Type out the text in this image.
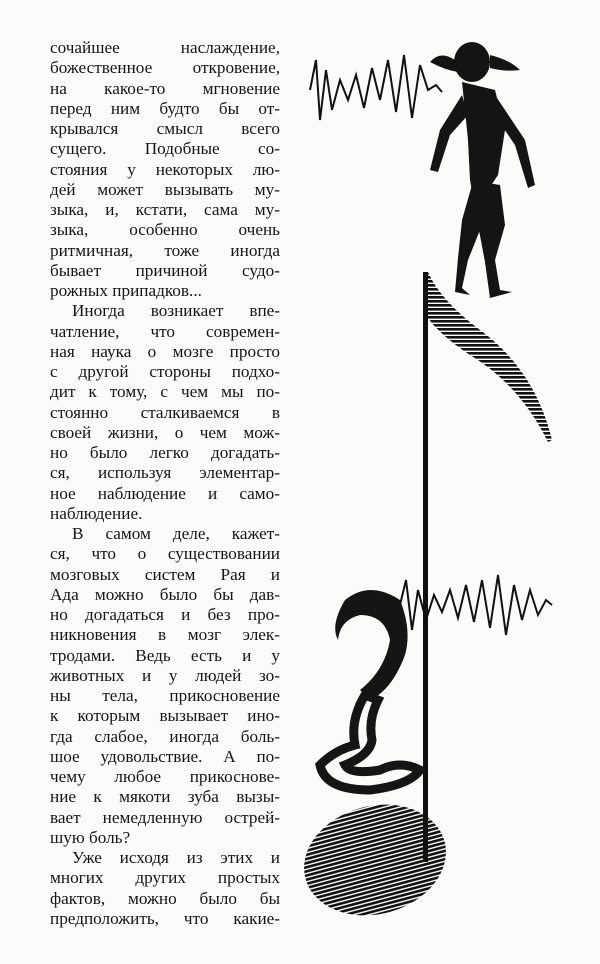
сочайшее наслаждение,
божественное откровение,
на какое-то мгновение
перед ним будто бы от-
крывался смысл всего
сущего. Подобные со-
стояния у некоторых лю-
дей может вызывать му-
зыка, и, кстати, сама му-
зыка, особенно очень
ритмичная, тоже иногда
бывает причиной судо-
рожных припадков...
Иногда возникает впе-
чатление, что современ-
ная наука о мозге просто
с другой стороны подхо-
дит к тому, с чем мы по-
стоянно сталкиваемся в
своей жизни, о чем мож-
но было легко догадать-
ся, используя элементар-
ное наблюдение и само-
наблюдение.
В самом деле, кажет-
ся, что о существовании
мозговых систем Рая и
Ада можно было бы дав-
но догадаться и без про-
никновения в мозг элек-
тродами. Ведь есть и у
животных и у людей зо-
ны тела, прикосновение
к которым вызывает ино-
гда слабое, иногда боль-
шое удовольствие. А по-
чему любое прикоснове-
ние к мякоти зуба вызы-
вает немедленную острей-
шую боль?
Уже исходя из этих и
многих других простых
фактов, можно было бы
предположить, что какие-
